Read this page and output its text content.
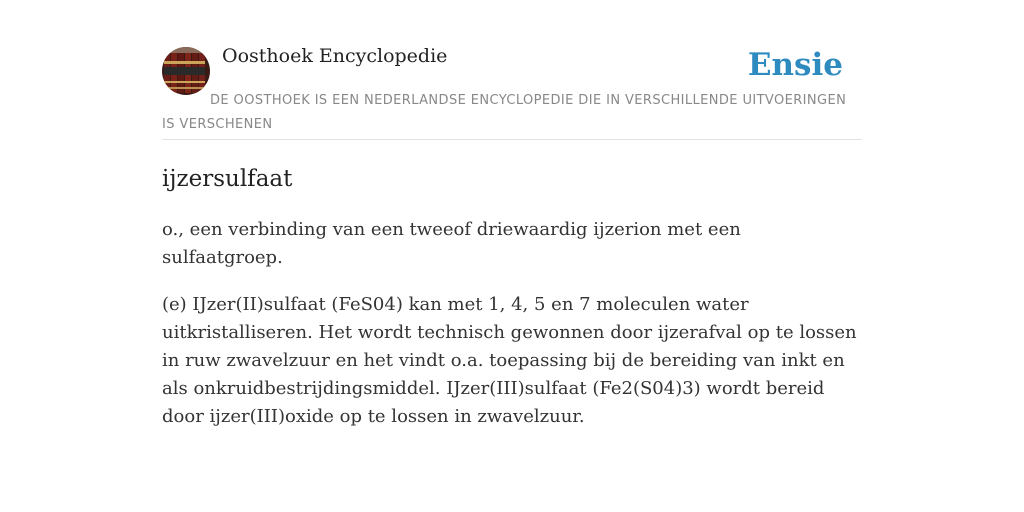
Oosthoek Encyclopedie	Ensie
DE OOSTHOEK IS EEN NEDERLANDSE ENCYCLOPEDIE DIE IN VERSCHILLENDE UITVOERINGEN IS VERSCHENEN
ijzersulfaat

o., een verbinding van een tweeof driewaardig ijzerion met een sulfaatgroep.

(e) IJzer(II)sulfaat (FeS04) kan met 1, 4, 5 en 7 moleculen water uitkristalliseren. Het wordt technisch gewonnen door ijzerafval op te lossen in ruw zwavelzuur en het vindt o.a. toepassing bij de bereiding van inkt en als onkruidbestrijdingsmiddel. IJzer(III)sulfaat (Fe2(S04)3) wordt bereid door ijzer(III)oxide op te lossen in zwavelzuur.
